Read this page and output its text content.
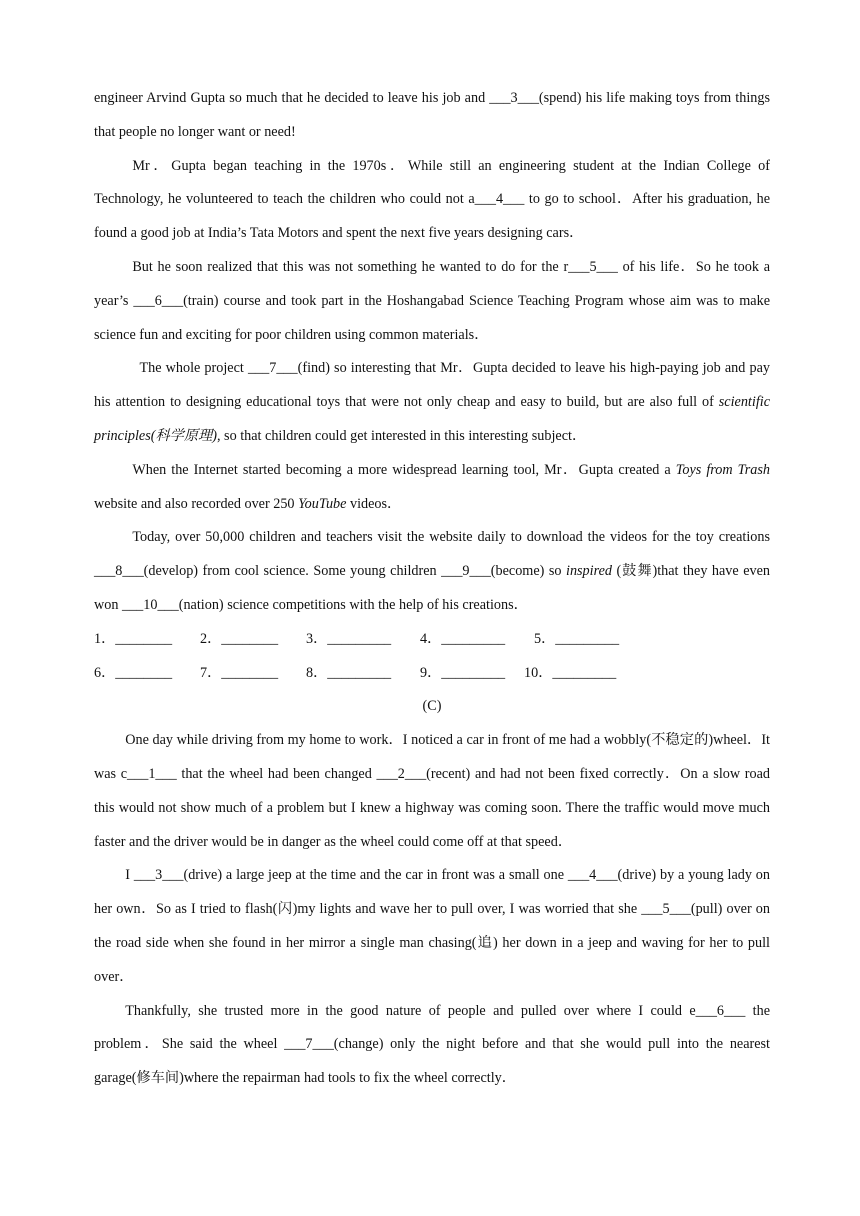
engineer Arvind Gupta so much that he decided to leave his job and ___3___(spend) his life making toys from things that people no longer want or need!

Mr．Gupta began teaching in the 1970s．While still an engineering student at the Indian College of Technology, he volunteered to teach the children who could not a___4___ to go to school．After his graduation, he found a good job at India’s Tata Motors and spent the next five years designing cars．

But he soon realized that this was not something he wanted to do for the r___5___ of his life．So he took a year’s ___6___(train) course and took part in the Hoshangabad Science Teaching Program whose aim was to make science fun and exciting for poor children using common materials．

The whole project ___7___(find) so interesting that Mr．Gupta decided to leave his high-paying job and pay his attention to designing educational toys that were not only cheap and easy to build, but are also full of scientific principles(科学原理), so that children could get interested in this interesting subject．

When the Internet started becoming a more widespread learning tool, Mr．Gupta created a Toys from Trash website and also recorded over 250 YouTube videos．

Today, over 50,000 children and teachers visit the website daily to download the videos for the toy creations ___8___(develop) from cool science. Some young children ___9___(become) so inspired (鼓舞)that they have even won ___10___(nation) science competitions with the help of his creations．

1．________	2．________	3．_________	4．_________	5．_________
6．________	7．________	8．_________	9．_________	10．_________

(C)

One day while driving from my home to work．I noticed a car in front of me had a wobbly(不稳定的)wheel．It was c___1___ that the wheel had been changed ___2___(recent) and had not been fixed correctly．On a slow road this would not show much of a problem but I knew a highway was coming soon. There the traffic would move much faster and the driver would be in danger as the wheel could come off at that speed．

I ___3___(drive) a large jeep at the time and the car in front was a small one ___4___(drive) by a young lady on her own．So as I tried to flash(闪)my lights and wave her to pull over, I was worried that she ___5___(pull) over on the road side when she found in her mirror a single man chasing(追) her down in a jeep and waving for her to pull over．

Thankfully, she trusted more in the good nature of people and pulled over where I could e___6___ the problem．She said the wheel ___7___(change) only the night before and that she would pull into the nearest garage(修车间)where the repairman had tools to fix the wheel correctly．
